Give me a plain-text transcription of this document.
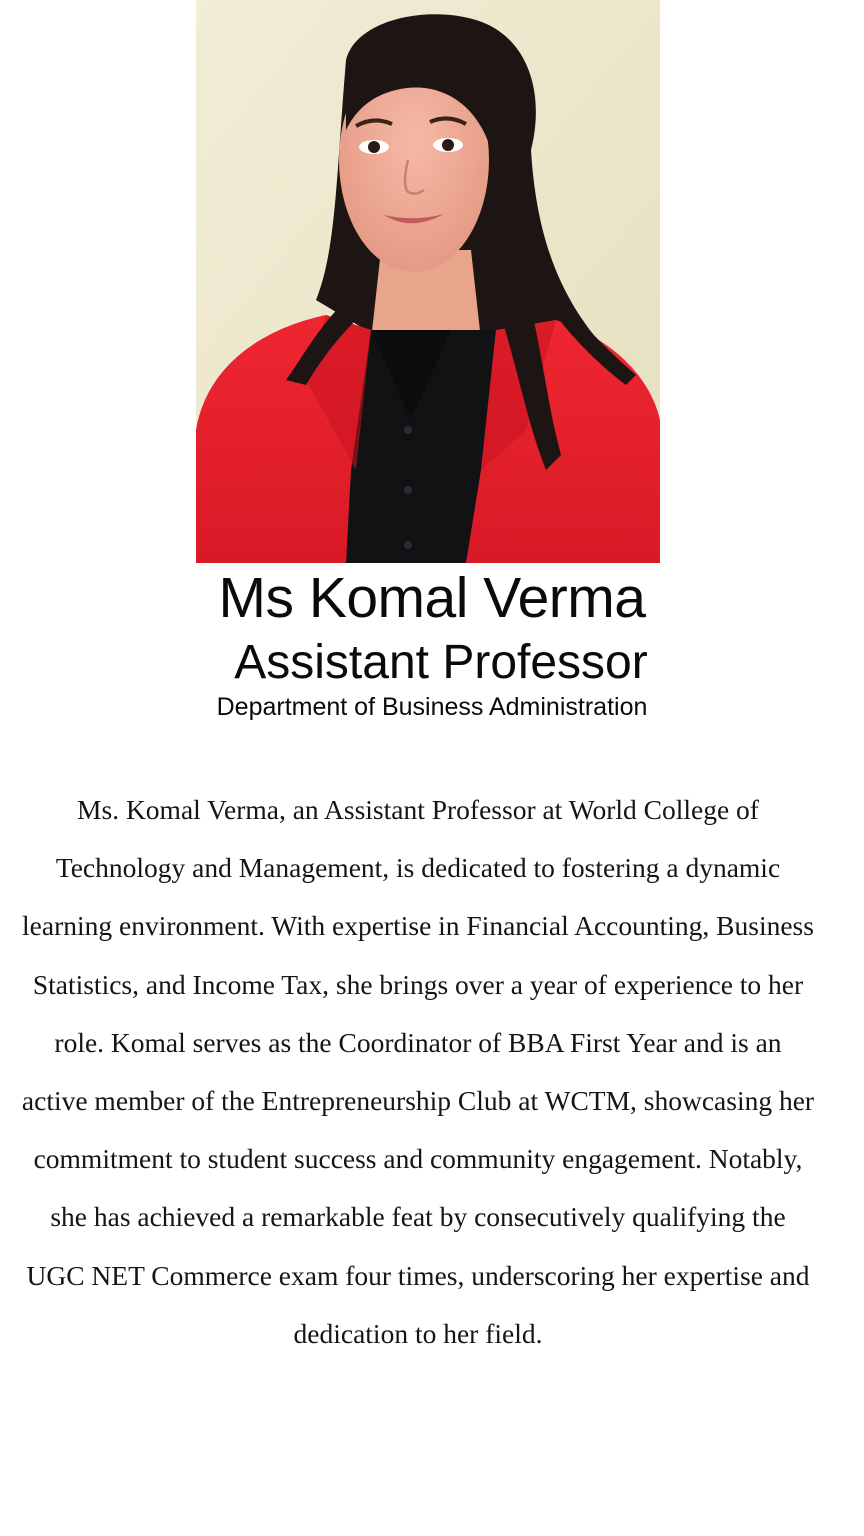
Ms Komal Verma
Assistant Professor
Department of Business Administration

Ms. Komal Verma, an Assistant Professor at World College of Technology and Management, is dedicated to fostering a dynamic learning environment. With expertise in Financial Accounting, Business Statistics, and Income Tax, she brings over a year of experience to her role. Komal serves as the Coordinator of BBA First Year and is an active member of the Entrepreneurship Club at WCTM, showcasing her commitment to student success and community engagement. Notably, she has achieved a remarkable feat by consecutively qualifying the UGC NET Commerce exam four times, underscoring her expertise and dedication to her field.
